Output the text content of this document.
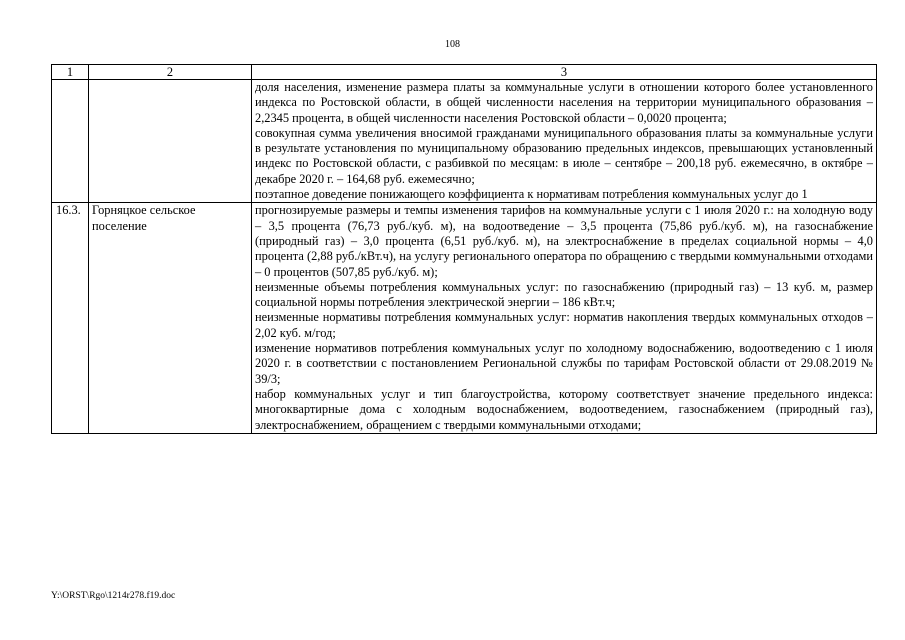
108
1	2	3

		доля населения, изменение размера платы за коммунальные услуги в отношении которого более установленного индекса по Ростовской области, в общей численности населения на территории муниципального образования – 2,2345 процента, в общей численности населения Ростовской области – 0,0020 процента;

совокупная сумма увеличения вносимой гражданами муниципального образования платы за коммунальные услуги в результате установления по муниципальному образованию предельных индексов, превышающих установленный индекс по Ростовской области, с разбивкой по месяцам: в июле – сентябре – 200,18 руб. ежемесячно, в октябре – декабре 2020 г. – 164,68 руб. ежемесячно;

поэтапное доведение понижающего коэффициента к нормативам потребления коммунальных услуг до 1

16.3.	Горняцкое сельское поселение	прогнозируемые размеры и темпы изменения тарифов на коммунальные услуги с 1 июля 2020 г.: на холодную воду – 3,5 процента (76,73 руб./куб. м), на водоотведение – 3,5 процента (75,86 руб./куб. м), на газоснабжение (природный газ) – 3,0 процента (6,51 руб./куб. м), на электроснабжение в пределах социальной нормы – 4,0 процента (2,88 руб./кВт.ч), на услугу регионального оператора по обращению с твердыми коммунальными отходами – 0 процентов (507,85 руб./куб. м);

неизменные объемы потребления коммунальных услуг: по газоснабжению (природный газ) – 13 куб. м, размер социальной нормы потребления электрической энергии – 186 кВт.ч;

неизменные нормативы потребления коммунальных услуг: норматив накопления твердых коммунальных отходов – 2,02 куб. м/год;

изменение нормативов потребления коммунальных услуг по холодному водоснабжению, водоотведению с 1 июля 2020 г. в соответствии с постановлением Региональной службы по тарифам Ростовской области от 29.08.2019 № 39/3;

набор коммунальных услуг и тип благоустройства, которому соответствует значение предельного индекса: многоквартирные дома с холодным водоснабжением, водоотведением, газоснабжением (природный газ), электроснабжением, обращением с твердыми коммунальными отходами;

Y:\ORST\Rgo\1214r278.f19.doc
